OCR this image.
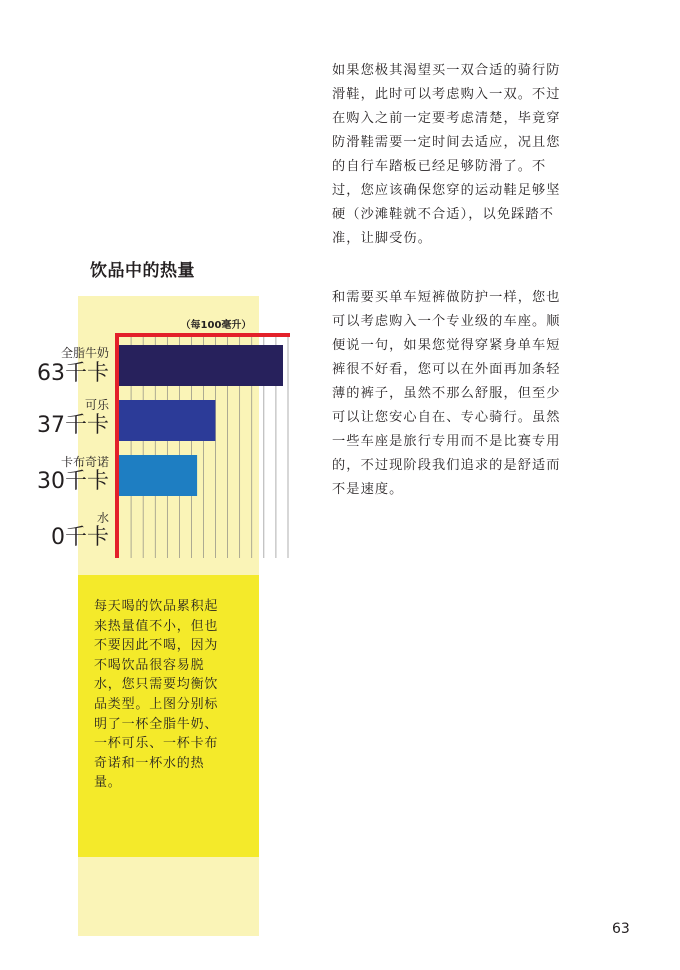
每天喝的饮品累积起
来热量值不小，但也
不要因此不喝，因为
不喝饮品很容易脱
水，您只需要均衡饮
品类型。上图分别标
明了一杯全脂牛奶、
一杯可乐、一杯卡布
奇诺和一杯水的热
量。

饮品中的热量
（每100毫升）
全脂牛奶
63千卡
可乐
37千卡
卡布奇诺
30千卡
水
0千卡

如果您极其渴望买一双合适的骑行防
滑鞋，此时可以考虑购入一双。不过
在购入之前一定要考虑清楚，毕竟穿
防滑鞋需要一定时间去适应，况且您
的自行车踏板已经足够防滑了。不
过，您应该确保您穿的运动鞋足够坚
硬（沙滩鞋就不合适），以免踩踏不
准，让脚受伤。

和需要买单车短裤做防护一样，您也
可以考虑购入一个专业级的车座。顺
便说一句，如果您觉得穿紧身单车短
裤很不好看，您可以在外面再加条轻
薄的裤子，虽然不那么舒服，但至少
可以让您安心自在、专心骑行。虽然
一些车座是旅行专用而不是比赛专用
的，不过现阶段我们追求的是舒适而
不是速度。

63
